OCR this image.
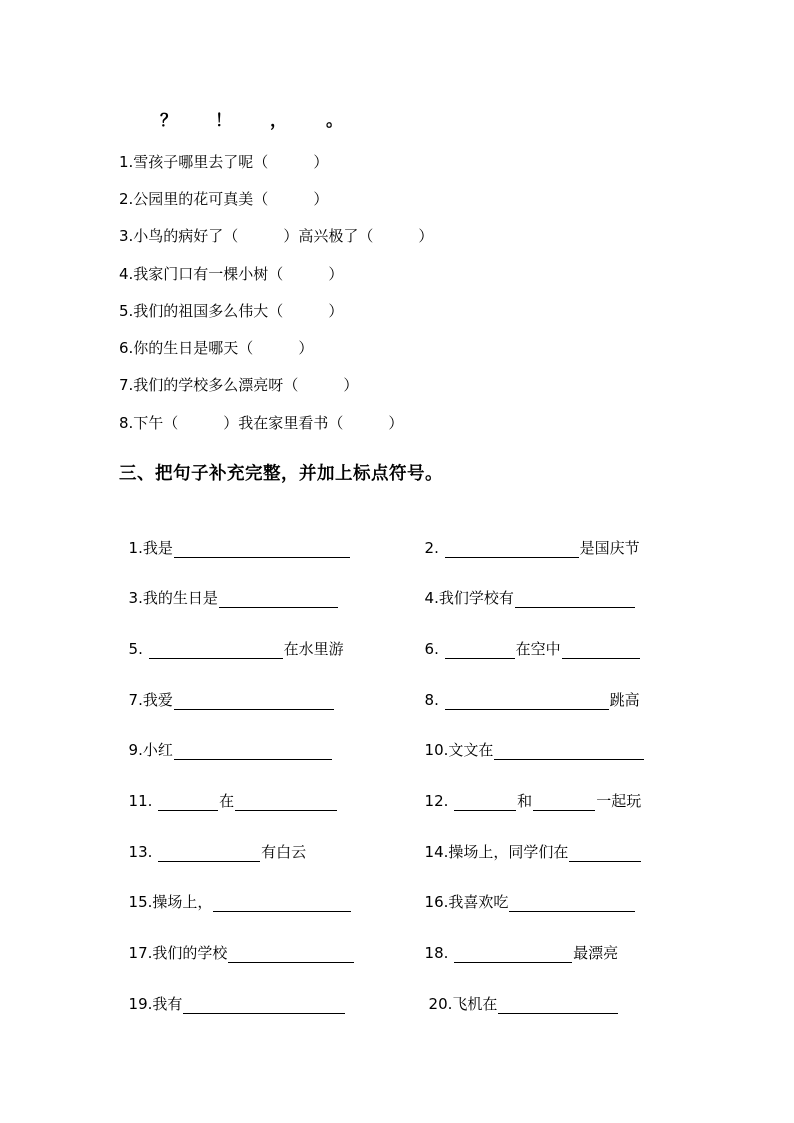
？ ！ ， 。
1.雪孩子哪里去了呢（　　　）
2.公园里的花可真美（　　　）
3.小鸟的病好了（　　　）高兴极了（　　　）
4.我家门口有一棵小树（　　　）
5.我们的祖国多么伟大（　　　）
6.你的生日是哪天（　　　）
7.我们的学校多么漂亮呀（　　　）
8.下午（　　　）我在家里看书（　　　）
三、把句子补充完整，并加上标点符号。

1.我是	2.	是国庆节

3.我的生日是	4.我们学校有

5.	在水里游	6.	在空中

7.我爱	8.	跳高

9.小红	10.文文在

11.	在	12.	和	一起玩

13.	有白云	14.操场上，同学们在

15.操场上，	16.我喜欢吃

17.我们的学校	18.	最漂亮

19.我有	20.飞机在
